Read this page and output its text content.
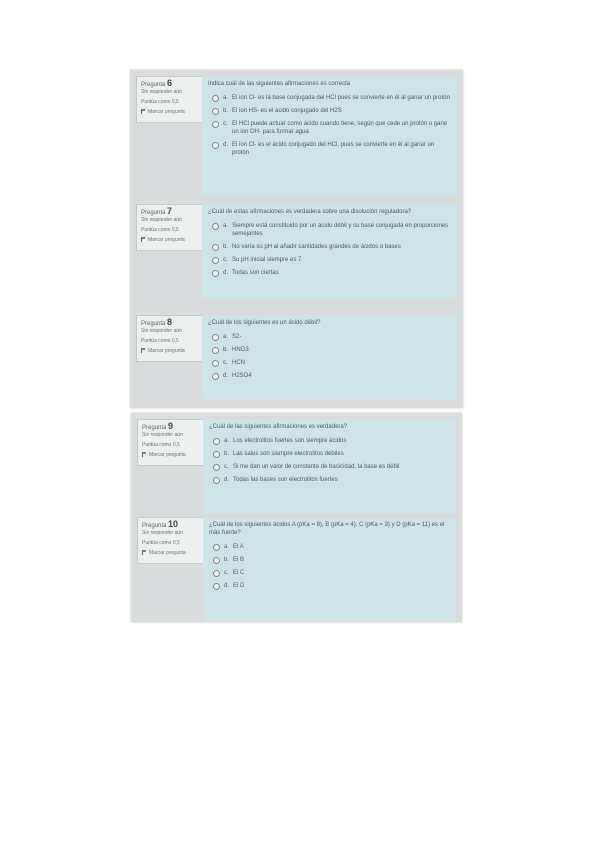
Pregunta 6
Sin responder aún
Puntúa como 0,5
Marcar pregunta
Indica cuál de las siguientes afirmaciones es correcta
a. El ion Cl- es la base conjugada del HCl pues se convierte en él al ganar un protón
b. El ion HS- es el ácido conjugado del H2S
c. El HCl puede actuar como ácido cuando tiene, según que cede un protón o gane un ion OH- para formar agua
d. El ion Cl- es el ácido conjugado del HCl, pues se convierte en él al ganar un protón
Pregunta 7
Sin responder aún
Puntúa como 0,5
Marcar pregunta
¿Cuál de estas afirmaciones es verdadera sobre una disolución reguladora?
a. Siempre está constituido por un ácido débil y su base conjugada en proporciones semejantes
b. No varía su pH al añadir cantidades grandes de ácidos o bases
c. Su pH inicial siempre es 7
d. Todas son ciertas
Pregunta 8
Sin responder aún
Puntúa como 0,5
Marcar pregunta
¿Cuál de los siguientes es un ácido débil?
a. S2-
b. HNO3
c. HCN
d. H2SO4
Pregunta 9
Sin responder aún
Puntúa como 0,5
Marcar pregunta
¿Cuál de las siguientes afirmaciones es verdadera?
a. Los electrolitos fuertes son siempre ácidos
b. Las sales son siempre electrolitos débiles
c. Si me dan un valor de constante de basicidad, la base es débil
d. Todas las bases son electrolitos fuertes
Pregunta 10
Sin responder aún
Puntúa como 0,5
Marcar pregunta
¿Cuál de los siguientes ácidos A (pKa = 9), B (pKa = 4), C (pKa = 3) y D (pKa = 11) es el más fuerte?
a. El A
b. El B
c. El C
d. El D
